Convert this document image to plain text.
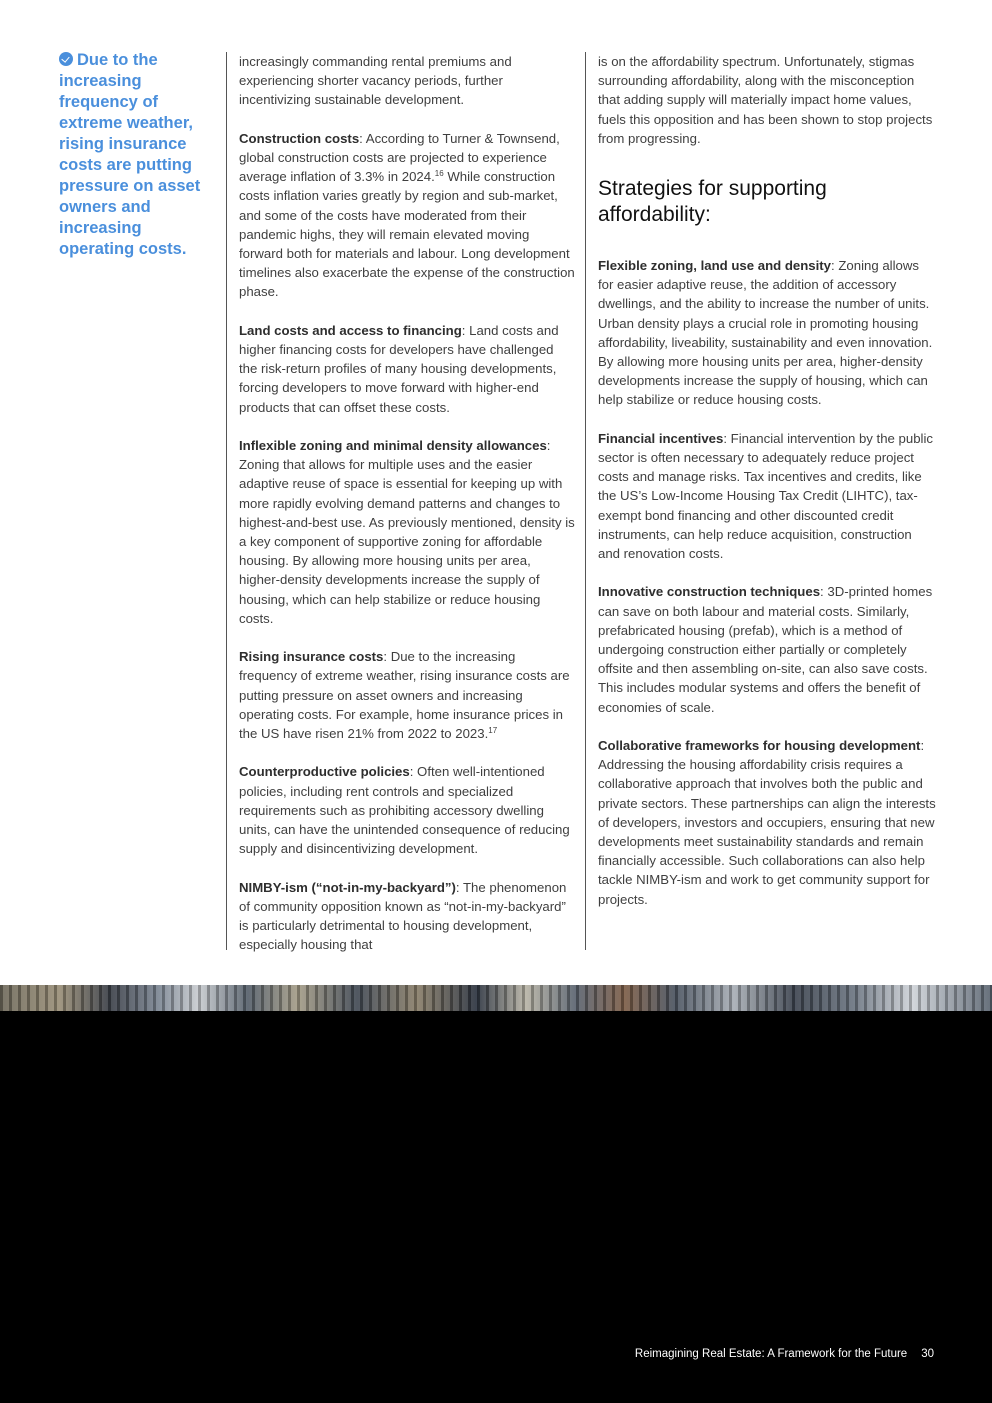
Due to the increasing frequency of extreme weather, rising insurance costs are putting pressure on asset owners and increasing operating costs.

increasingly commanding rental premiums and experiencing shorter vacancy periods, further incentivizing sustainable development.

Construction costs: According to Turner & Townsend, global construction costs are projected to experience average inflation of 3.3% in 2024.16 While construction costs inflation varies greatly by region and sub-market, and some of the costs have moderated from their pandemic highs, they will remain elevated moving forward both for materials and labour. Long development timelines also exacerbate the expense of the construction phase.

Land costs and access to financing: Land costs and higher financing costs for developers have challenged the risk-return profiles of many housing developments, forcing developers to move forward with higher-end products that can offset these costs.

Inflexible zoning and minimal density allowances: Zoning that allows for multiple uses and the easier adaptive reuse of space is essential for keeping up with more rapidly evolving demand patterns and changes to highest-and-best use. As previously mentioned, density is a key component of supportive zoning for affordable housing. By allowing more housing units per area, higher-density developments increase the supply of housing, which can help stabilize or reduce housing costs.

Rising insurance costs: Due to the increasing frequency of extreme weather, rising insurance costs are putting pressure on asset owners and increasing operating costs. For example, home insurance prices in the US have risen 21% from 2022 to 2023.17

Counterproductive policies: Often well-intentioned policies, including rent controls and specialized requirements such as prohibiting accessory dwelling units, can have the unintended consequence of reducing supply and disincentivizing development.

NIMBY-ism (“not-in-my-backyard”): The phenomenon of community opposition known as “not-in-my-backyard” is particularly detrimental to housing development, especially housing that

is on the affordability spectrum. Unfortunately, stigmas surrounding affordability, along with the misconception that adding supply will materially impact home values, fuels this opposition and has been shown to stop projects from progressing.

Strategies for supporting affordability:

Flexible zoning, land use and density: Zoning allows for easier adaptive reuse, the addition of accessory dwellings, and the ability to increase the number of units. Urban density plays a crucial role in promoting housing affordability, liveability, sustainability and even innovation. By allowing more housing units per area, higher-density developments increase the supply of housing, which can help stabilize or reduce housing costs.

Financial incentives: Financial intervention by the public sector is often necessary to adequately reduce project costs and manage risks. Tax incentives and credits, like the US’s Low-Income Housing Tax Credit (LIHTC), tax-exempt bond financing and other discounted credit instruments, can help reduce acquisition, construction and renovation costs.

Innovative construction techniques: 3D-printed homes can save on both labour and material costs. Similarly, prefabricated housing (prefab), which is a method of undergoing construction either partially or completely offsite and then assembling on-site, can also save costs. This includes modular systems and offers the benefit of economies of scale.

Collaborative frameworks for housing development: Addressing the housing affordability crisis requires a collaborative approach that involves both the public and private sectors. These partnerships can align the interests of developers, investors and occupiers, ensuring that new developments meet sustainability standards and remain financially accessible. Such collaborations can also help tackle NIMBY-ism and work to get community support for projects.

Reimagining Real Estate: A Framework for the Future 30
